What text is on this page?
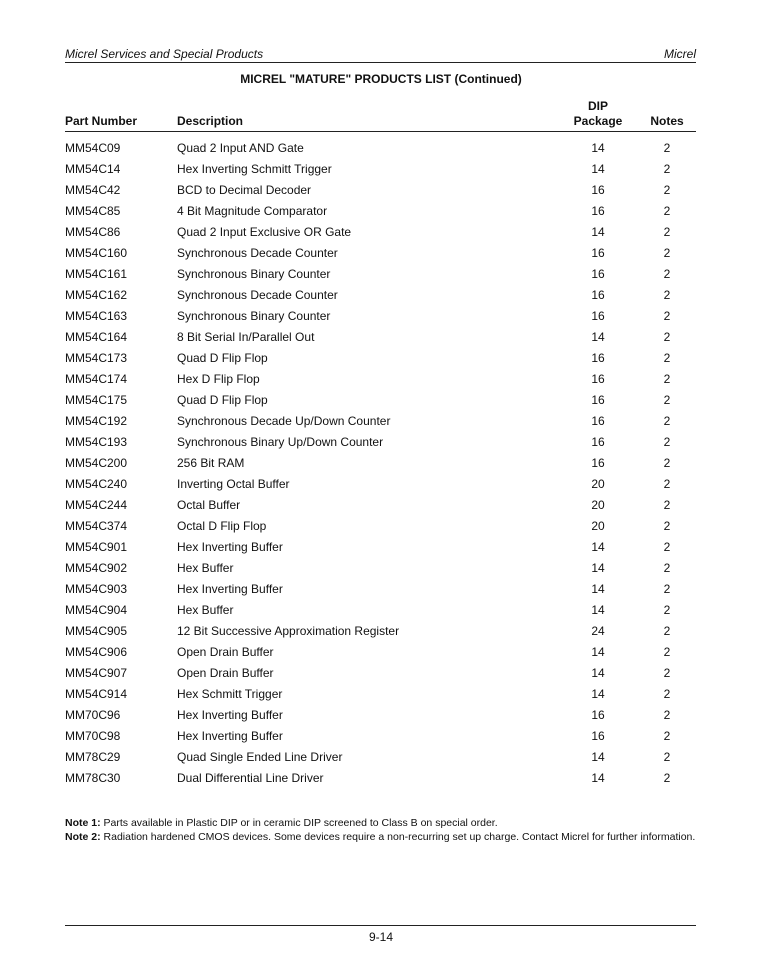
Micrel Services and Special Products	Micrel
MICREL "MATURE" PRODUCTS LIST (Continued)
Part Number	Description
DIP
Package	Notes
MM54C09	Quad 2 Input AND Gate	14	2
MM54C14	Hex Inverting Schmitt Trigger	14	2
MM54C42	BCD to Decimal Decoder	16	2
MM54C85	4 Bit Magnitude Comparator	16	2
MM54C86	Quad 2 Input Exclusive OR Gate	14	2
MM54C160	Synchronous Decade Counter	16	2
MM54C161	Synchronous Binary Counter	16	2
MM54C162	Synchronous Decade Counter	16	2
MM54C163	Synchronous Binary Counter	16	2
MM54C164	8 Bit Serial In/Parallel Out	14	2
MM54C173	Quad D Flip Flop	16	2
MM54C174	Hex D Flip Flop	16	2
MM54C175	Quad D Flip Flop	16	2
MM54C192	Synchronous Decade Up/Down Counter	16	2
MM54C193	Synchronous Binary Up/Down Counter	16	2
MM54C200	256 Bit RAM	16	2
MM54C240	Inverting Octal Buffer	20	2
MM54C244	Octal Buffer	20	2
MM54C374	Octal D Flip Flop	20	2
MM54C901	Hex Inverting Buffer	14	2
MM54C902	Hex Buffer	14	2
MM54C903	Hex Inverting Buffer	14	2
MM54C904	Hex Buffer	14	2
MM54C905	12 Bit Successive Approximation Register	24	2
MM54C906	Open Drain Buffer	14	2
MM54C907	Open Drain Buffer	14	2
MM54C914	Hex Schmitt Trigger	14	2
MM70C96	Hex Inverting Buffer	16	2
MM70C98	Hex Inverting Buffer	16	2
MM78C29	Quad Single Ended Line Driver	14	2
MM78C30	Dual Differential Line Driver	14	2
Note 1: Parts available in Plastic DIP or in ceramic DIP screened to Class B on special order.
Note 2: Radiation hardened CMOS devices. Some devices require a non-recurring set up charge. Contact Micrel for further information.
9-14
